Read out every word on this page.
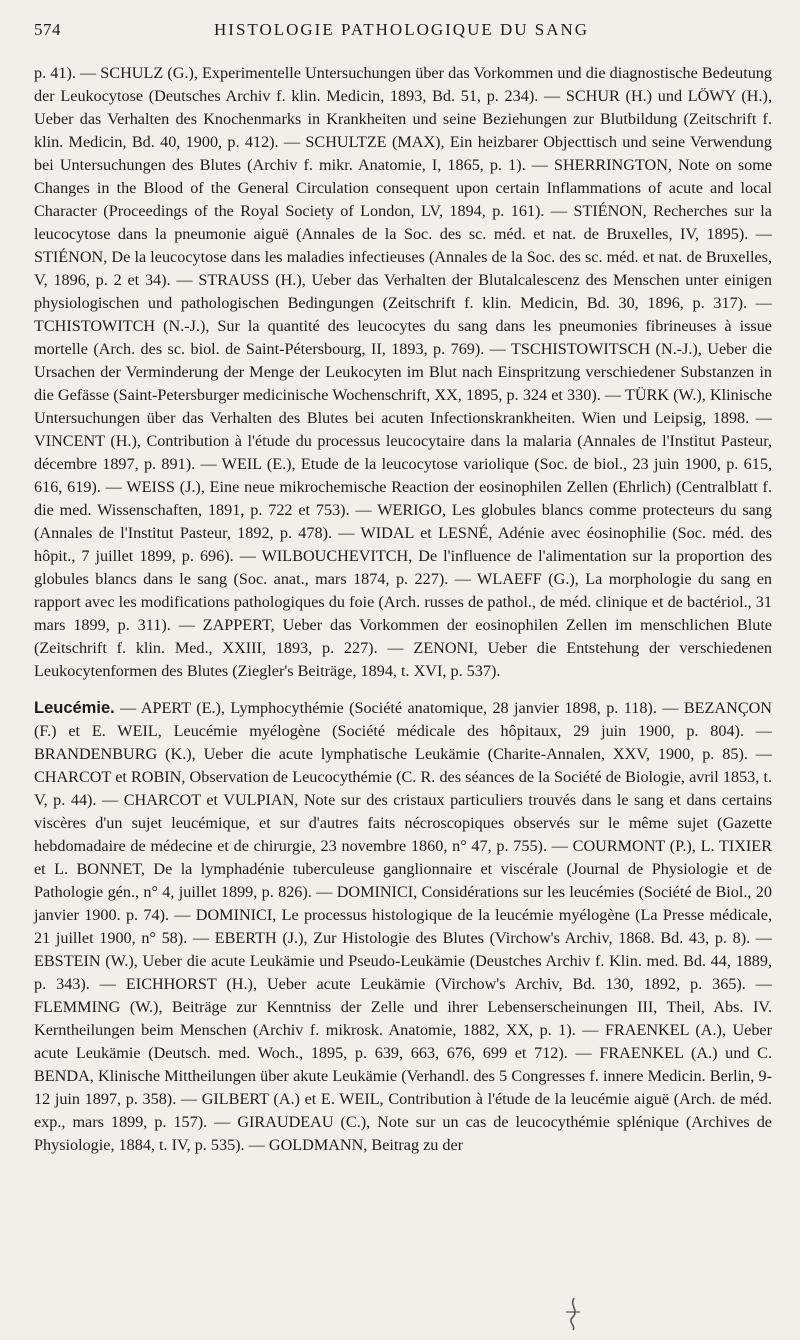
574	HISTOLOGIE PATHOLOGIQUE DU SANG

p. 41). — SCHULZ (G.), Experimentelle Untersuchungen über das Vorkommen und die diagnostische Bedeutung der Leukocytose (Deutsches Archiv f. klin. Medicin, 1893, Bd. 51, p. 234). — SCHUR (H.) und LÖWY (H.), Ueber das Verhalten des Knochenmarks in Krankheiten und seine Beziehungen zur Blutbildung (Zeitschrift f. klin. Medicin, Bd. 40, 1900, p. 412). — SCHULTZE (MAX), Ein heizbarer Objecttisch und seine Verwendung bei Untersuchungen des Blutes (Archiv f. mikr. Anatomie, I, 1865, p. 1). — SHERRINGTON, Note on some Changes in the Blood of the General Circulation consequent upon certain Inflammations of acute and local Character (Proceedings of the Royal Society of London, LV, 1894, p. 161). — STIÉNON, Recherches sur la leucocytose dans la pneumonie aiguë (Annales de la Soc. des sc. méd. et nat. de Bruxelles, IV, 1895). — STIÉNON, De la leucocytose dans les maladies infectieuses (Annales de la Soc. des sc. méd. et nat. de Bruxelles, V, 1896, p. 2 et 34). — STRAUSS (H.), Ueber das Verhalten der Blutalcalescenz des Menschen unter einigen physiologischen und pathologischen Bedingungen (Zeitschrift f. klin. Medicin, Bd. 30, 1896, p. 317). — TCHISTOWITCH (N.-J.), Sur la quantité des leucocytes du sang dans les pneumonies fibrineuses à issue mortelle (Arch. des sc. biol. de Saint-Pétersbourg, II, 1893, p. 769). — TSCHISTOWITSCH (N.-J.), Ueber die Ursachen der Verminderung der Menge der Leukocyten im Blut nach Einspritzung verschiedener Substanzen in die Gefässe (Saint-Petersburger medicinische Wochenschrift, XX, 1895, p. 324 et 330). — TÜRK (W.), Klinische Untersuchungen über das Verhalten des Blutes bei acuten Infectionskrankheiten. Wien und Leipsig, 1898. — VINCENT (H.), Contribution à l'étude du processus leucocytaire dans la malaria (Annales de l'Institut Pasteur, décembre 1897, p. 891). — WEIL (E.), Etude de la leucocytose variolique (Soc. de biol., 23 juin 1900, p. 615, 616, 619). — WEISS (J.), Eine neue mikrochemische Reaction der eosinophilen Zellen (Ehrlich) (Centralblatt f. die med. Wissenschaften, 1891, p. 722 et 753). — WERIGO, Les globules blancs comme protecteurs du sang (Annales de l'Institut Pasteur, 1892, p. 478). — WIDAL et LESNÉ, Adénie avec éosinophilie (Soc. méd. des hôpit., 7 juillet 1899, p. 696). — WILBOUCHEVITCH, De l'influence de l'alimentation sur la proportion des globules blancs dans le sang (Soc. anat., mars 1874, p. 227). — WLAEFF (G.), La morphologie du sang en rapport avec les modifications pathologiques du foie (Arch. russes de pathol., de méd. clinique et de bactériol., 31 mars 1899, p. 311). — ZAPPERT, Ueber das Vorkommen der eosinophilen Zellen im menschlichen Blute (Zeitschrift f. klin. Med., XXIII, 1893, p. 227). — ZENONI, Ueber die Entstehung der verschiedenen Leukocytenformen des Blutes (Ziegler's Beiträge, 1894, t. XVI, p. 537).

Leucémie. — APERT (E.), Lymphocythémie (Société anatomique, 28 janvier 1898, p. 118). — BEZANÇON (F.) et E. WEIL, Leucémie myélogène (Société médicale des hôpitaux, 29 juin 1900, p. 804). — BRANDENBURG (K.), Ueber die acute lymphatische Leukämie (Charite-Annalen, XXV, 1900, p. 85). — CHARCOT et ROBIN, Observation de Leucocythémie (C. R. des séances de la Société de Biologie, avril 1853, t. V, p. 44). — CHARCOT et VULPIAN, Note sur des cristaux particuliers trouvés dans le sang et dans certains viscères d'un sujet leucémique, et sur d'autres faits nécroscopiques observés sur le même sujet (Gazette hebdomadaire de médecine et de chirurgie, 23 novembre 1860, n° 47, p. 755). — COURMONT (P.), L. TIXIER et L. BONNET, De la lymphadénie tuberculeuse ganglionnaire et viscérale (Journal de Physiologie et de Pathologie gén., n° 4, juillet 1899, p. 826). — DOMINICI, Considérations sur les leucémies (Société de Biol., 20 janvier 1900. p. 74). — DOMINICI, Le processus histologique de la leucémie myélogène (La Presse médicale, 21 juillet 1900, n° 58). — EBERTH (J.), Zur Histologie des Blutes (Virchow's Archiv, 1868. Bd. 43, p. 8). — EBSTEIN (W.), Ueber die acute Leukämie und Pseudo-Leukämie (Deustches Archiv f. Klin. med. Bd. 44, 1889, p. 343). — EICHHORST (H.), Ueber acute Leukämie (Virchow's Archiv, Bd. 130, 1892, p. 365). — FLEMMING (W.), Beiträge zur Kenntniss der Zelle und ihrer Lebenserscheinungen III, Theil, Abs. IV. Kerntheilungen beim Menschen (Archiv f. mikrosk. Anatomie, 1882, XX, p. 1). — FRAENKEL (A.), Ueber acute Leukämie (Deutsch. med. Woch., 1895, p. 639, 663, 676, 699 et 712). — FRAENKEL (A.) und C. BENDA, Klinische Mittheilungen über akute Leukämie (Verhandl. des 5 Congresses f. innere Medicin. Berlin, 9-12 juin 1897, p. 358). — GILBERT (A.) et E. WEIL, Contribution à l'étude de la leucémie aiguë (Arch. de méd. exp., mars 1899, p. 157). — GIRAUDEAU (C.), Note sur un cas de leucocythémie splénique (Archives de Physiologie, 1884, t. IV, p. 535). — GOLDMANN, Beitrag zu der
